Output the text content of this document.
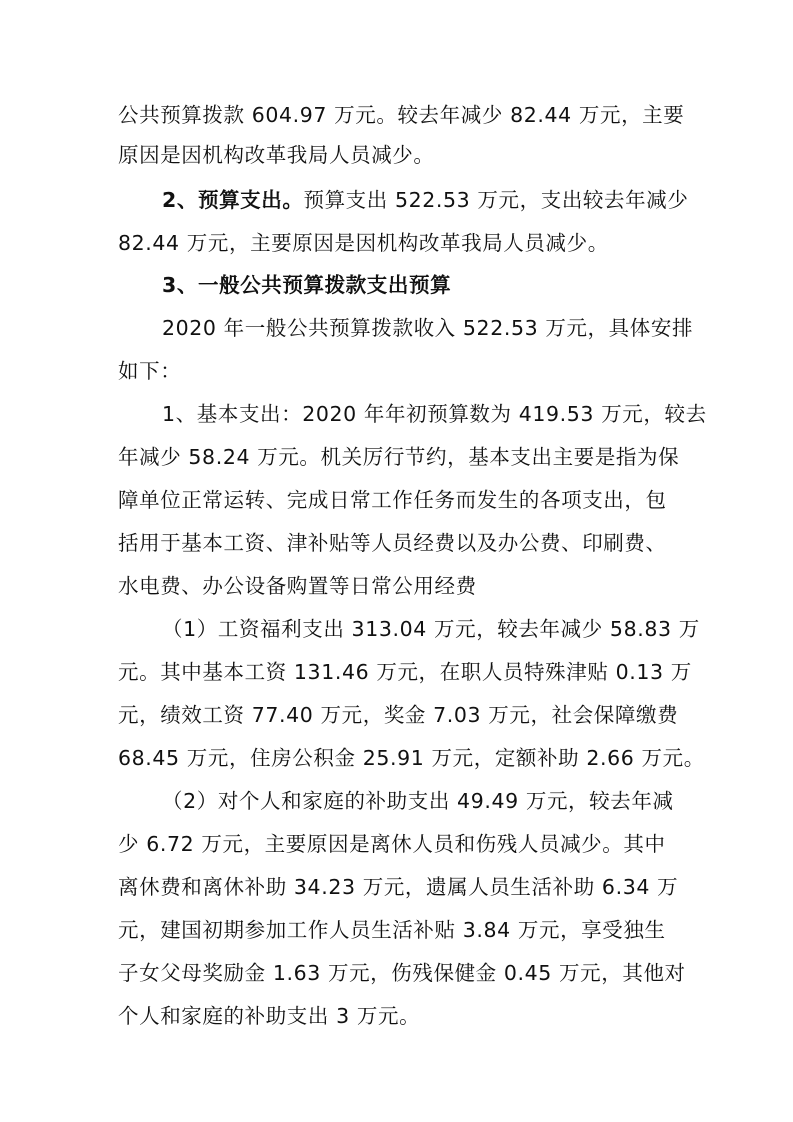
公共预算拨款 604.97 万元。较去年减少 82.44 万元，主要
原因是因机构改革我局人员减少。
2、预算支出。预算支出 522.53 万元，支出较去年减少
82.44 万元，主要原因是因机构改革我局人员减少。
3、一般公共预算拨款支出预算
2020 年一般公共预算拨款收入 522.53 万元，具体安排
如下：
1、基本支出：2020 年年初预算数为 419.53 万元，较去
年减少 58.24 万元。机关厉行节约，基本支出主要是指为保
障单位正常运转、完成日常工作任务而发生的各项支出，包
括用于基本工资、津补贴等人员经费以及办公费、印刷费、
水电费、办公设备购置等日常公用经费
（1）工资福利支出 313.04 万元，较去年减少 58.83 万
元。其中基本工资 131.46 万元，在职人员特殊津贴 0.13 万
元，绩效工资 77.40 万元，奖金 7.03 万元，社会保障缴费
68.45 万元，住房公积金 25.91 万元，定额补助 2.66 万元。
（2）对个人和家庭的补助支出 49.49 万元，较去年减
少 6.72 万元，主要原因是离休人员和伤残人员减少。其中
离休费和离休补助 34.23 万元，遗属人员生活补助 6.34 万
元，建国初期参加工作人员生活补贴 3.84 万元，享受独生
子女父母奖励金 1.63 万元，伤残保健金 0.45 万元，其他对
个人和家庭的补助支出 3 万元。
